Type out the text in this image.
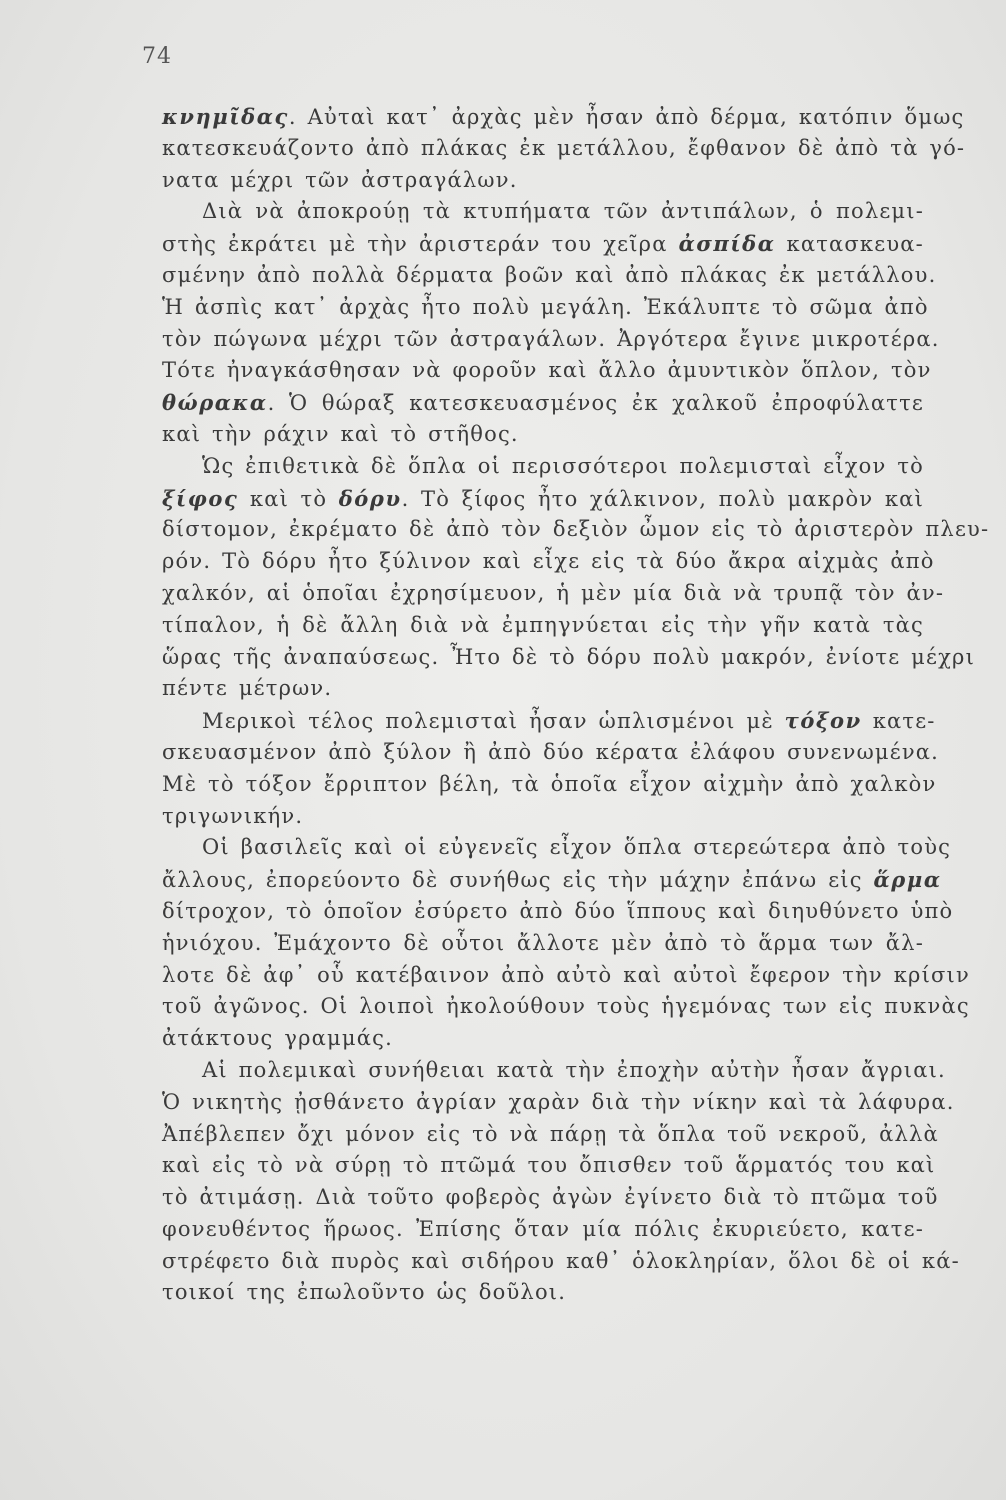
74
κνημῖδας. Αὐταὶ κατ᾽ ἀρχὰς μὲν ἦσαν ἀπὸ δέρμα, κατόπιν ὅμως
κατεσκευάζοντο ἀπὸ πλάκας ἐκ μετάλλου, ἔφθανον δὲ ἀπὸ τὰ γό-
νατα μέχρι τῶν ἀστραγάλων.
Διὰ νὰ ἀποκρούῃ τὰ κτυπήματα τῶν ἀντιπάλων, ὁ πολεμι-
στὴς ἐκράτει μὲ τὴν ἀριστεράν του χεῖρα ἀσπίδα κατασκευα-
σμένην ἀπὸ πολλὰ δέρματα βοῶν καὶ ἀπὸ πλάκας ἐκ μετάλλου.
Ἡ ἀσπὶς κατ᾽ ἀρχὰς ἦτο πολὺ μεγάλη. Ἐκάλυπτε τὸ σῶμα ἀπὸ
τὸν πώγωνα μέχρι τῶν ἀστραγάλων. Ἀργότερα ἔγινε μικροτέρα.
Τότε ἠναγκάσθησαν νὰ φοροῦν καὶ ἄλλο ἀμυντικὸν ὅπλον, τὸν
θώρακα. Ὁ θώραξ κατεσκευασμένος ἐκ χαλκοῦ ἐπροφύλαττε
καὶ τὴν ράχιν καὶ τὸ στῆθος.
Ὡς ἐπιθετικὰ δὲ ὅπλα οἱ περισσότεροι πολεμισταὶ εἶχον τὸ
ξίφος καὶ τὸ δόρυ. Τὸ ξίφος ἦτο χάλκινον, πολὺ μακρὸν καὶ
δίστομον, ἐκρέματο δὲ ἀπὸ τὸν δεξιὸν ὦμον εἰς τὸ ἀριστερὸν πλευ-
ρόν. Τὸ δόρυ ἦτο ξύλινον καὶ εἶχε εἰς τὰ δύο ἄκρα αἰχμὰς ἀπὸ
χαλκόν, αἱ ὁποῖαι ἐχρησίμευον, ἡ μὲν μία διὰ νὰ τρυπᾷ τὸν ἀν-
τίπαλον, ἡ δὲ ἄλλη διὰ νὰ ἐμπηγνύεται εἰς τὴν γῆν κατὰ τὰς
ὥρας τῆς ἀναπαύσεως. Ἦτο δὲ τὸ δόρυ πολὺ μακρόν, ἐνίοτε μέχρι
πέντε μέτρων.
Μερικοὶ τέλος πολεμισταὶ ἦσαν ὡπλισμένοι μὲ τόξον κατε-
σκευασμένον ἀπὸ ξύλον ἢ ἀπὸ δύο κέρατα ἐλάφου συνενωμένα.
Μὲ τὸ τόξον ἔρριπτον βέλη, τὰ ὁποῖα εἶχον αἰχμὴν ἀπὸ χαλκὸν
τριγωνικήν.
Οἱ βασιλεῖς καὶ οἱ εὐγενεῖς εἶχον ὅπλα στερεώτερα ἀπὸ τοὺς
ἄλλους, ἐπορεύοντο δὲ συνήθως εἰς τὴν μάχην ἐπάνω εἰς ἅρμα
δίτροχον, τὸ ὁποῖον ἐσύρετο ἀπὸ δύο ἵππους καὶ διηυθύνετο ὑπὸ
ἡνιόχου. Ἐμάχοντο δὲ οὗτοι ἄλλοτε μὲν ἀπὸ τὸ ἅρμα των ἄλ-
λοτε δὲ ἀφ᾽ οὗ κατέβαινον ἀπὸ αὐτὸ καὶ αὐτοὶ ἔφερον τὴν κρίσιν
τοῦ ἀγῶνος. Οἱ λοιποὶ ἠκολούθουν τοὺς ἡγεμόνας των εἰς πυκνὰς
ἀτάκτους γραμμάς.
Αἱ πολεμικαὶ συνήθειαι κατὰ τὴν ἐποχὴν αὐτὴν ἦσαν ἄγριαι.
Ὁ νικητὴς ᾐσθάνετο ἀγρίαν χαρὰν διὰ τὴν νίκην καὶ τὰ λάφυρα.
Ἀπέβλεπεν ὄχι μόνον εἰς τὸ νὰ πάρῃ τὰ ὅπλα τοῦ νεκροῦ, ἀλλὰ
καὶ εἰς τὸ νὰ σύρῃ τὸ πτῶμά του ὄπισθεν τοῦ ἅρματός του καὶ
τὸ ἀτιμάσῃ. Διὰ τοῦτο φοβερὸς ἀγὼν ἐγίνετο διὰ τὸ πτῶμα τοῦ
φονευθέντος ἥρωος. Ἐπίσης ὅταν μία πόλις ἐκυριεύετο, κατε-
στρέφετο διὰ πυρὸς καὶ σιδήρου καθ᾽ ὁλοκληρίαν, ὅλοι δὲ οἱ κά-
τοικοί της ἐπωλοῦντο ὡς δοῦλοι.
